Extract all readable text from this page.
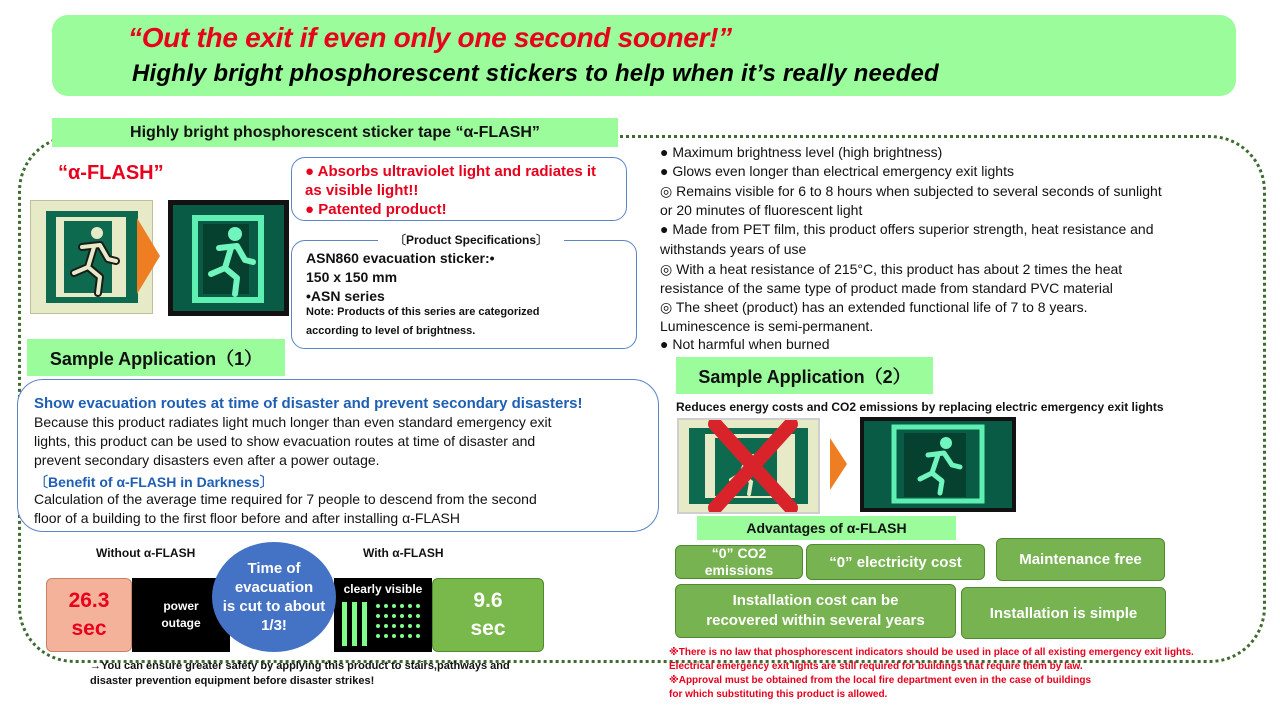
“Out the exit if even only one second sooner!”
Highly bright phosphorescent stickers to help when it’s really needed
Highly bright phosphorescent sticker tape “α-FLASH”
“α-FLASH”	● Absorbs ultraviolet light and radiates it
as visible light!!
● Patented product!
〔Product Specifications〕
ASN860 evacuation sticker:•
150 x 150 mm
•ASN series
Note: Products of this series are categorized
according to level of brightness.
● Maximum brightness level (high brightness)
● Glows even longer than electrical emergency exit lights
◎ Remains visible for 6 to 8 hours when subjected to several seconds of sunlight
or 20 minutes of fluorescent light
● Made from PET film, this product offers superior strength, heat resistance and
withstands years of use
◎ With a heat resistance of 215°C, this product has about 2 times the heat
resistance of the same type of product made from standard PVC material
◎ The sheet (product) has an extended functional life of 7 to 8 years.
Luminescence is semi-permanent.
● Not harmful when burned
Sample Application（1）
Show evacuation routes at time of disaster and prevent secondary disasters!
Because this product radiates light much longer than even standard emergency exit
lights, this product can be used to show evacuation routes at time of disaster and
prevent secondary disasters even after a power outage.
〔Benefit of α-FLASH in Darkness〕
Calculation of the average time required for 7 people to descend from the second
floor of a building to the first floor before and after installing α-FLASH
Without α-FLASH	With α-FLASH
26.3
sec
power
outage
clearly visible	9.6
sec
Time of
evacuation
is cut to about
1/3!
→You can ensure greater safety by applying this product to stairs,pathways and
disaster prevention equipment before disaster strikes!
Sample Application（2）
Reduces energy costs and CO2 emissions by replacing electric emergency exit lights
Advantages of α-FLASH
“0” CO2
emissions	“0” electricity cost	Maintenance free
Installation cost can be
recovered within several years	Installation is simple
※There is no law that phosphorescent indicators should be used in place of all existing emergency exit lights.
Electrical emergency exit lights are still required for buildings that require them by law.
※Approval must be obtained from the local fire department even in the case of buildings
for which substituting this product is allowed.
